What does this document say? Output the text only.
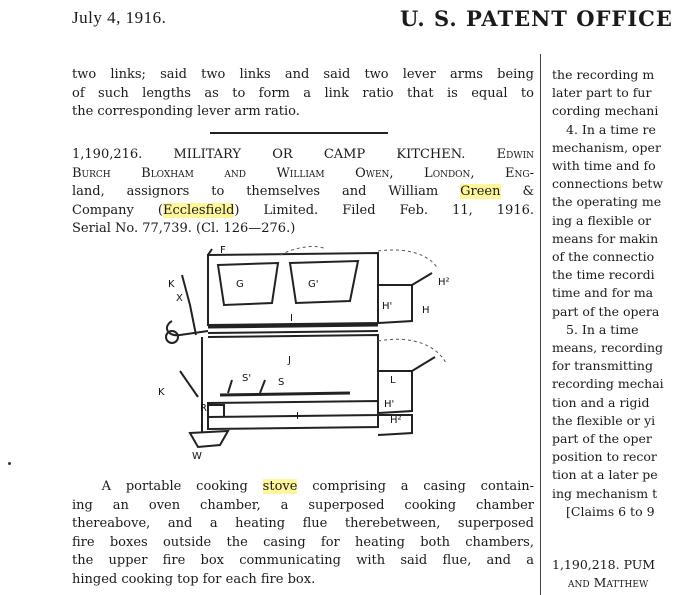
July 4, 1916.	U. S. PATENT OFFICE
two links; said two links and said two lever arms being
of such lengths as to form a link ratio that is equal to
the corresponding lever arm ratio.
1,190,216. MILITARY OR CAMP KITCHEN. Edwin
Burch Bloxham and William Owen, London, Eng-
land, assignors to themselves and William Green &
Company (Ecclesfield) Limited. Filed Feb. 11, 1916.
Serial No. 77,739. (Cl. 126—276.)
G	G'
F
K
X
I
H'	H
H²
J
L
K
S'	S
I
R	H'
H²
W
A portable cooking stove comprising a casing contain-
ing an oven chamber, a superposed cooking chamber
thereabove, and a heating flue therebetween, superposed
fire boxes outside the casing for heating both chambers,
the upper fire box communicating with said flue, and a
hinged cooking top for each fire box.
the recording m
later part to fur
cording mechani
4. In a time re
mechanism, oper
with time and fo
connections betw
the operating me
ing a flexible or
means for makin
of the connectio
the time recordi
time and for ma
part of the opera
5. In a time
means, recording
for transmitting
recording mechai
tion and a rigid
the flexible or yi
part of the oper
position to recor
tion at a later pe
ing mechanism t
[Claims 6 to 9
1,190,218. PUM
and Matthew
